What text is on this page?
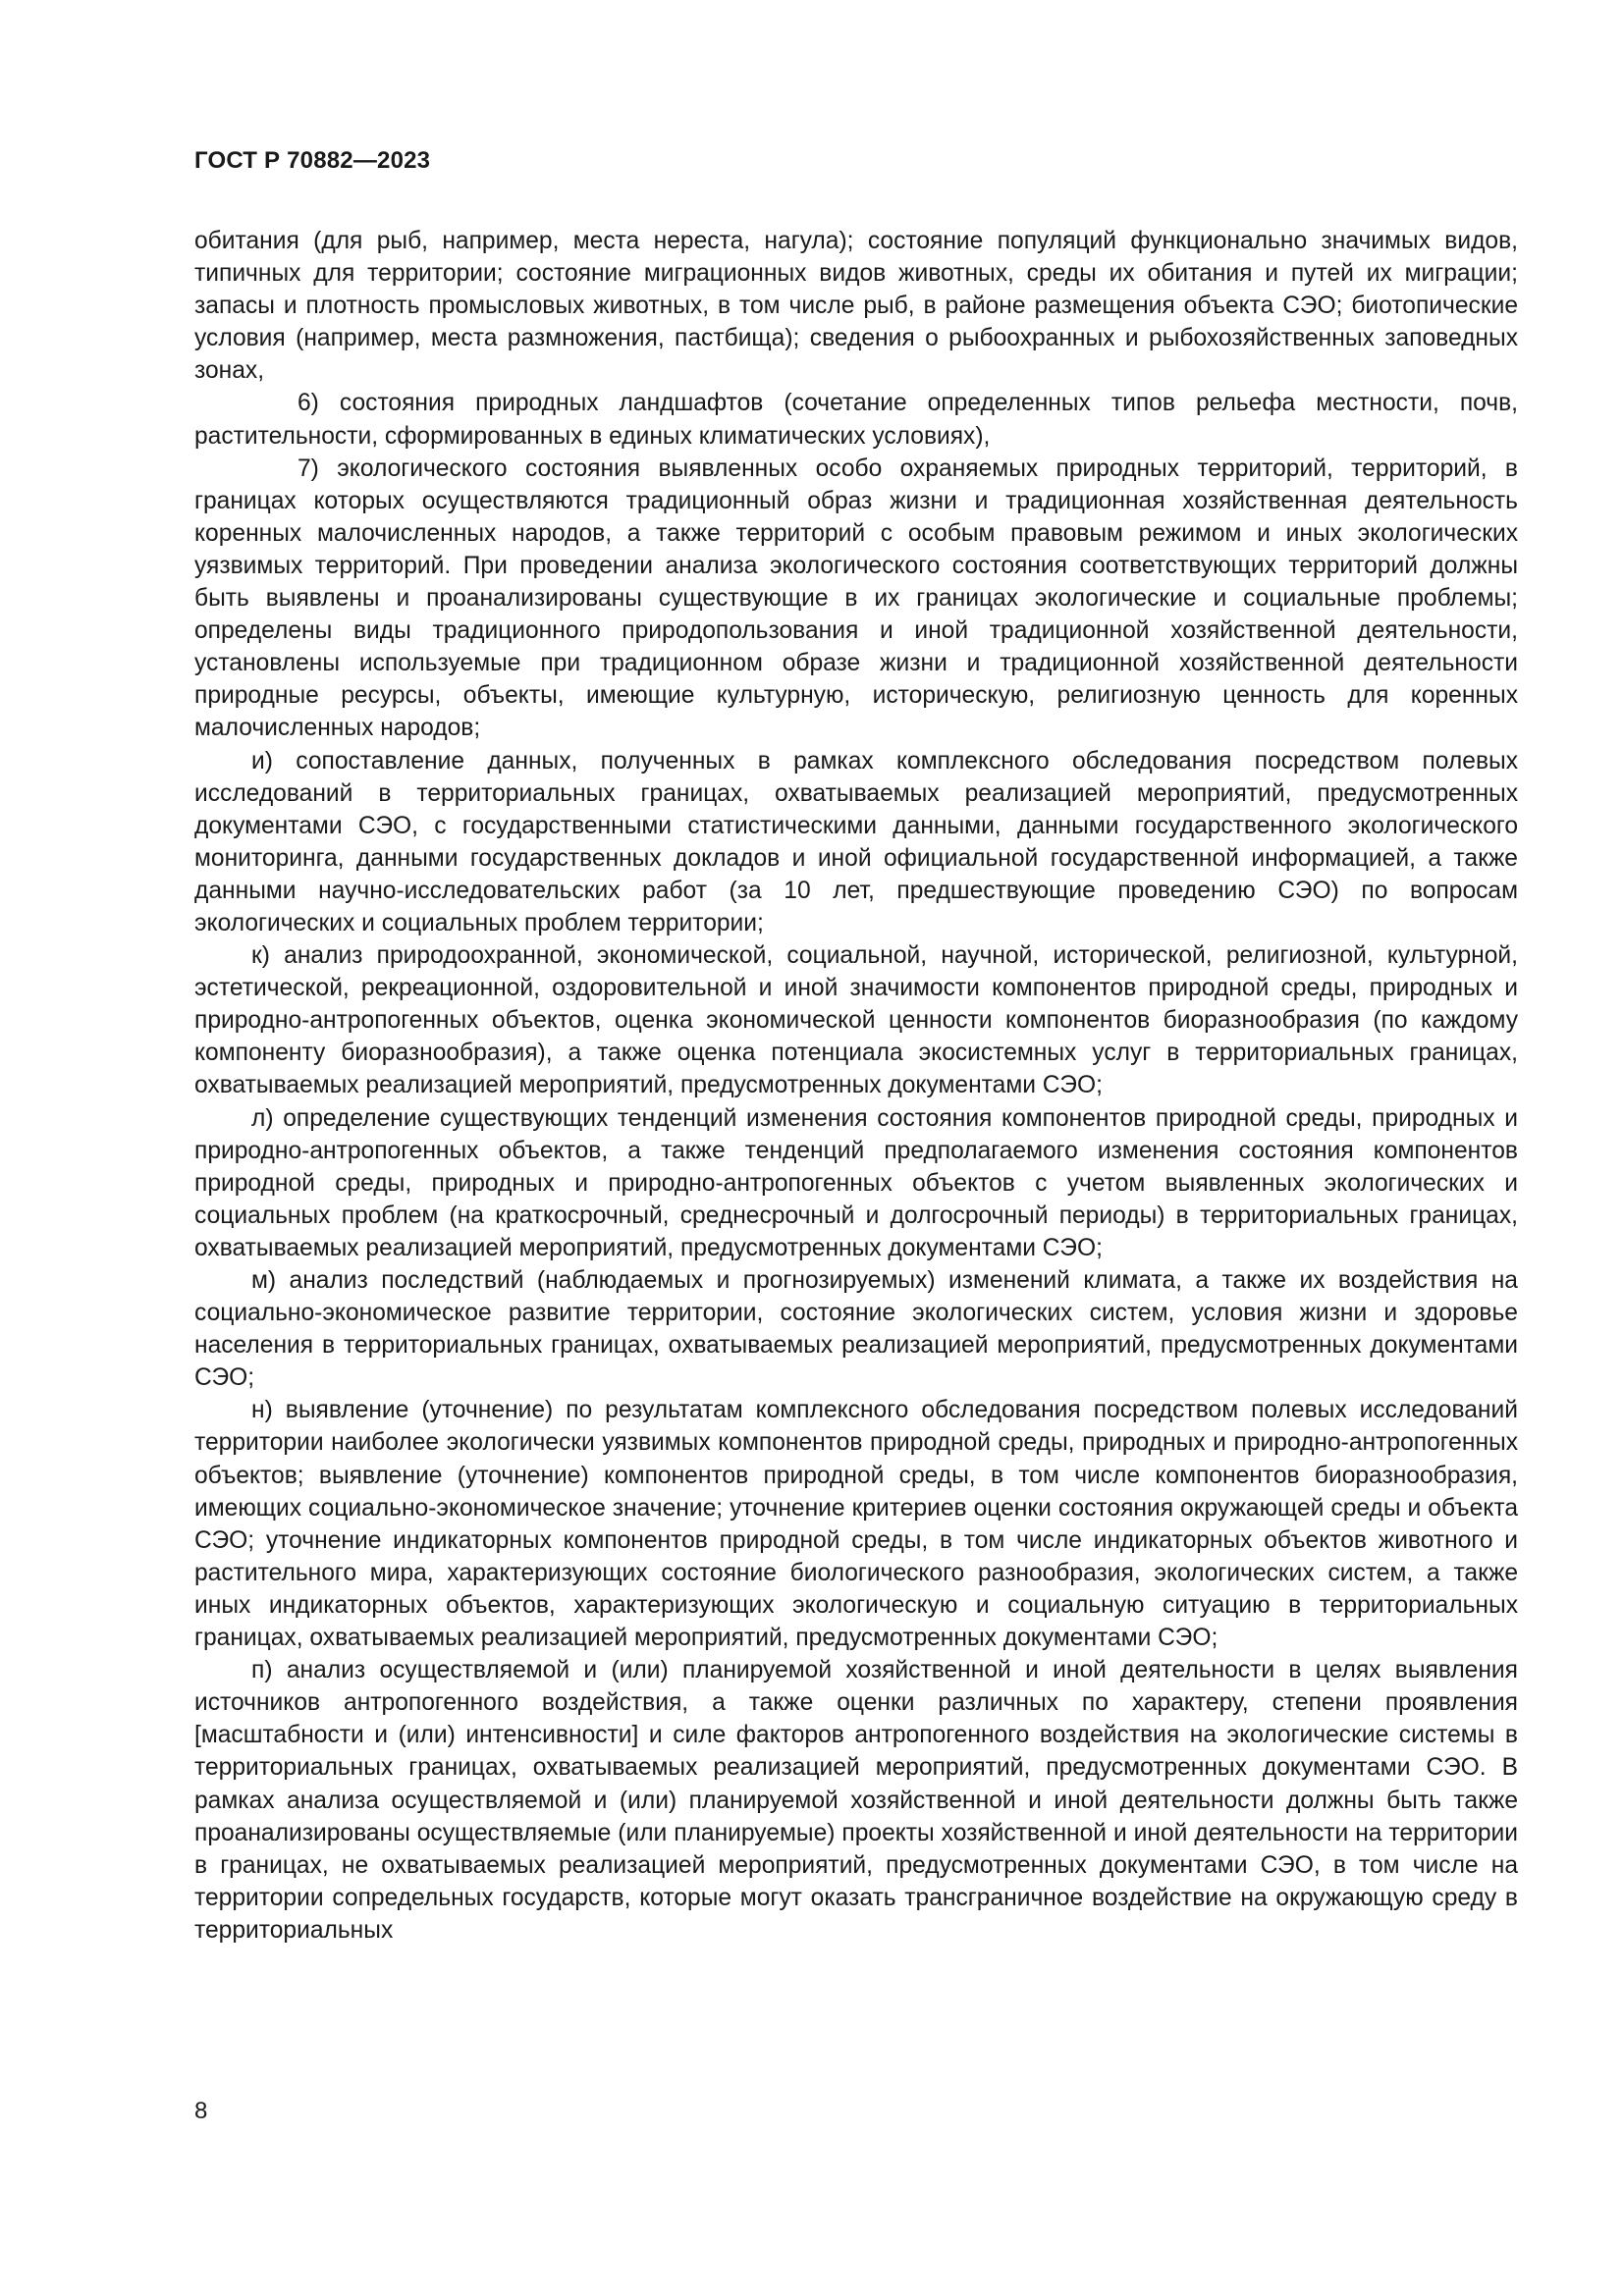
ГОСТ Р 70882—2023

обитания (для рыб, например, места нереста, нагула); состояние популяций функционально значимых видов, типичных для территории; состояние миграционных видов животных, среды их обитания и путей их миграции; запасы и плотность промысловых животных, в том числе рыб, в районе размещения объекта СЭО; биотопические условия (например, места размножения, пастбища); сведения о рыбоохранных и рыбохозяйственных заповедных зонах,

6) состояния природных ландшафтов (сочетание определенных типов рельефа местности, почв, растительности, сформированных в единых климатических условиях),

7) экологического состояния выявленных особо охраняемых природных территорий, территорий, в границах которых осуществляются традиционный образ жизни и традиционная хозяйственная деятельность коренных малочисленных народов, а также территорий с особым правовым режимом и иных экологических уязвимых территорий. При проведении анализа экологического состояния соответствующих территорий должны быть выявлены и проанализированы существующие в их границах экологические и социальные проблемы; определены виды традиционного природопользования и иной традиционной хозяйственной деятельности, установлены используемые при традиционном образе жизни и традиционной хозяйственной деятельности природные ресурсы, объекты, имеющие культурную, историческую, религиозную ценность для коренных малочисленных народов;

и) сопоставление данных, полученных в рамках комплексного обследования посредством полевых исследований в территориальных границах, охватываемых реализацией мероприятий, предусмотренных документами СЭО, с государственными статистическими данными, данными государственного экологического мониторинга, данными государственных докладов и иной официальной государственной информацией, а также данными научно-исследовательских работ (за 10 лет, предшествующие проведению СЭО) по вопросам экологических и социальных проблем территории;

к) анализ природоохранной, экономической, социальной, научной, исторической, религиозной, культурной, эстетической, рекреационной, оздоровительной и иной значимости компонентов природной среды, природных и природно-антропогенных объектов, оценка экономической ценности компонентов биоразнообразия (по каждому компоненту биоразнообразия), а также оценка потенциала экосистемных услуг в территориальных границах, охватываемых реализацией мероприятий, предусмотренных документами СЭО;

л) определение существующих тенденций изменения состояния компонентов природной среды, природных и природно-антропогенных объектов, а также тенденций предполагаемого изменения состояния компонентов природной среды, природных и природно-антропогенных объектов с учетом выявленных экологических и социальных проблем (на краткосрочный, среднесрочный и долгосрочный периоды) в территориальных границах, охватываемых реализацией мероприятий, предусмотренных документами СЭО;

м) анализ последствий (наблюдаемых и прогнозируемых) изменений климата, а также их воздействия на социально-экономическое развитие территории, состояние экологических систем, условия жизни и здоровье населения в территориальных границах, охватываемых реализацией мероприятий, предусмотренных документами СЭО;

н) выявление (уточнение) по результатам комплексного обследования посредством полевых исследований территории наиболее экологически уязвимых компонентов природной среды, природных и природно-антропогенных объектов; выявление (уточнение) компонентов природной среды, в том числе компонентов биоразнообразия, имеющих социально-экономическое значение; уточнение критериев оценки состояния окружающей среды и объекта СЭО; уточнение индикаторных компонентов природной среды, в том числе индикаторных объектов животного и растительного мира, характеризующих состояние биологического разнообразия, экологических систем, а также иных индикаторных объектов, характеризующих экологическую и социальную ситуацию в территориальных границах, охватываемых реализацией мероприятий, предусмотренных документами СЭО;

п) анализ осуществляемой и (или) планируемой хозяйственной и иной деятельности в целях выявления источников антропогенного воздействия, а также оценки различных по характеру, степени проявления [масштабности и (или) интенсивности] и силе факторов антропогенного воздействия на экологические системы в территориальных границах, охватываемых реализацией мероприятий, предусмотренных документами СЭО. В рамках анализа осуществляемой и (или) планируемой хозяйственной и иной деятельности должны быть также проанализированы осуществляемые (или планируемые) проекты хозяйственной и иной деятельности на территории в границах, не охватываемых реализацией мероприятий, предусмотренных документами СЭО, в том числе на территории сопредельных государств, которые могут оказать трансграничное воздействие на окружающую среду в территориальных

8
